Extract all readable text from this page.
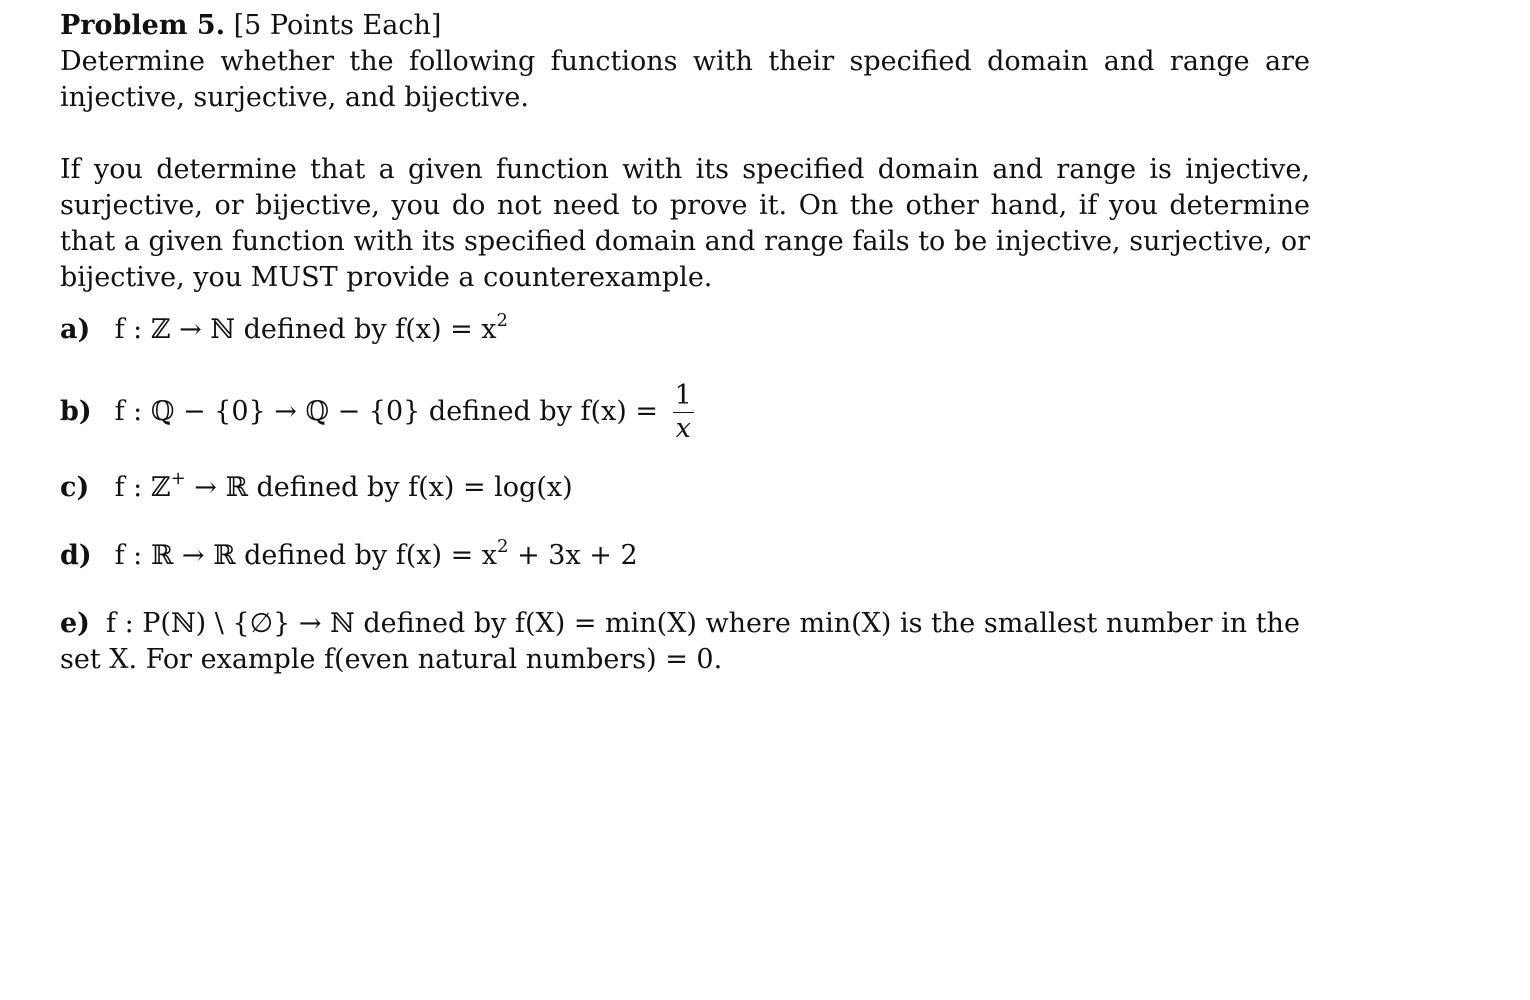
Problem 5. [5 Points Each]

Determine whether the following functions with their specified domain and range are injective, surjective, and bijective.

If you determine that a given function with its specified domain and range is injective, surjective, or bijective, you do not need to prove it. On the other hand, if you determine that a given function with its specified domain and range fails to be injective, surjective, or bijective, you MUST provide a counterexample.

a) f : ℤ → ℕ defined by $f(x) = x^2$
b) f : ℚ − {0} → ℚ − {0} defined by $f(x) = \frac{1}{x}$
c) f : ℤ+ → ℝ defined by f(x) = log(x)
d) f : ℝ → ℝ defined by $f(x) = x^2 + 3x + 2$
e) f : P(ℕ) \ {∅} → ℕ defined by f(X) = min(X) where min(X) is the smallest number in the set X. For example f(even natural numbers) = 0.
